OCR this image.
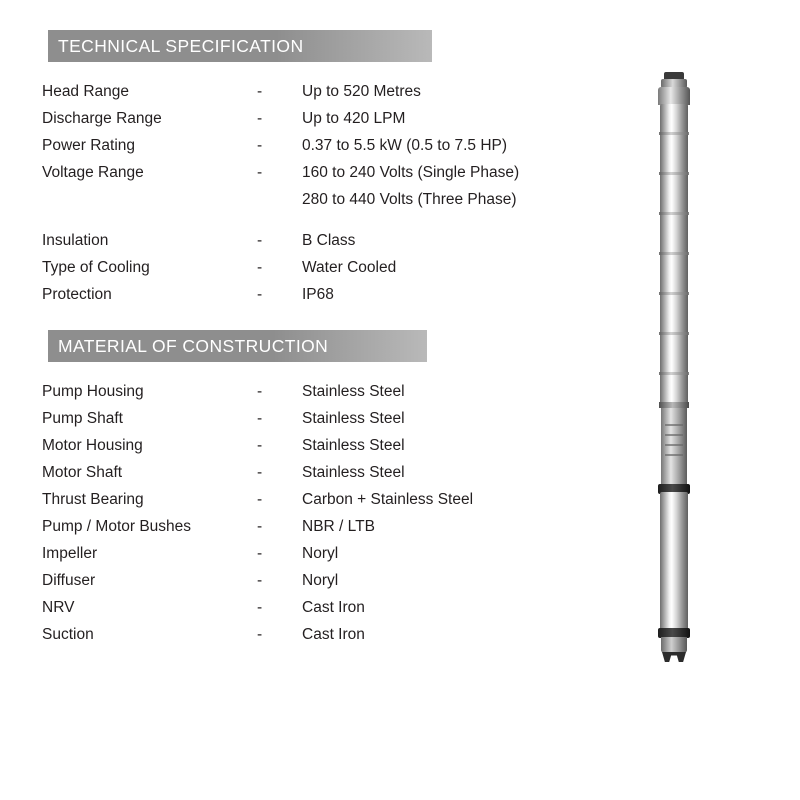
TECHNICAL SPECIFICATION
Head Range	-	Up to 520 Metres
Discharge Range	-	Up to 420 LPM
Power Rating	-	0.37 to 5.5 kW (0.5 to 7.5 HP)
Voltage Range	-	160 to 240 Volts (Single Phase)
		280 to 440 Volts (Three Phase)

Insulation	-	B Class
Type of Cooling	-	Water Cooled
Protection	-	IP68
MATERIAL OF CONSTRUCTION
Pump Housing	-	Stainless Steel
Pump Shaft	-	Stainless Steel
Motor Housing	-	Stainless Steel
Motor Shaft	-	Stainless Steel
Thrust Bearing	-	Carbon + Stainless Steel
Pump / Motor Bushes	-	NBR / LTB
Impeller	-	Noryl
Diffuser	-	Noryl
NRV	-	Cast Iron
Suction	-	Cast Iron
